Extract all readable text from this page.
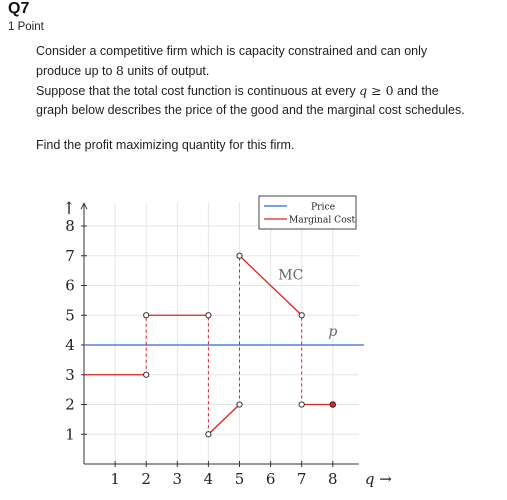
Q7
1 Point

Consider a competitive firm which is capacity constrained and can only

produce up to 8 units of output.

Suppose that the total cost function is continuous at every q ≥ 0 and the

graph below describes the price of the good and the marginal cost schedules.

Find the profit maximizing quantity for this firm.
1 2 3 4 5 6 7 8
1
2
3
4
5
6
7
8
↑
q →
MC
p
Price
Marginal Cost
